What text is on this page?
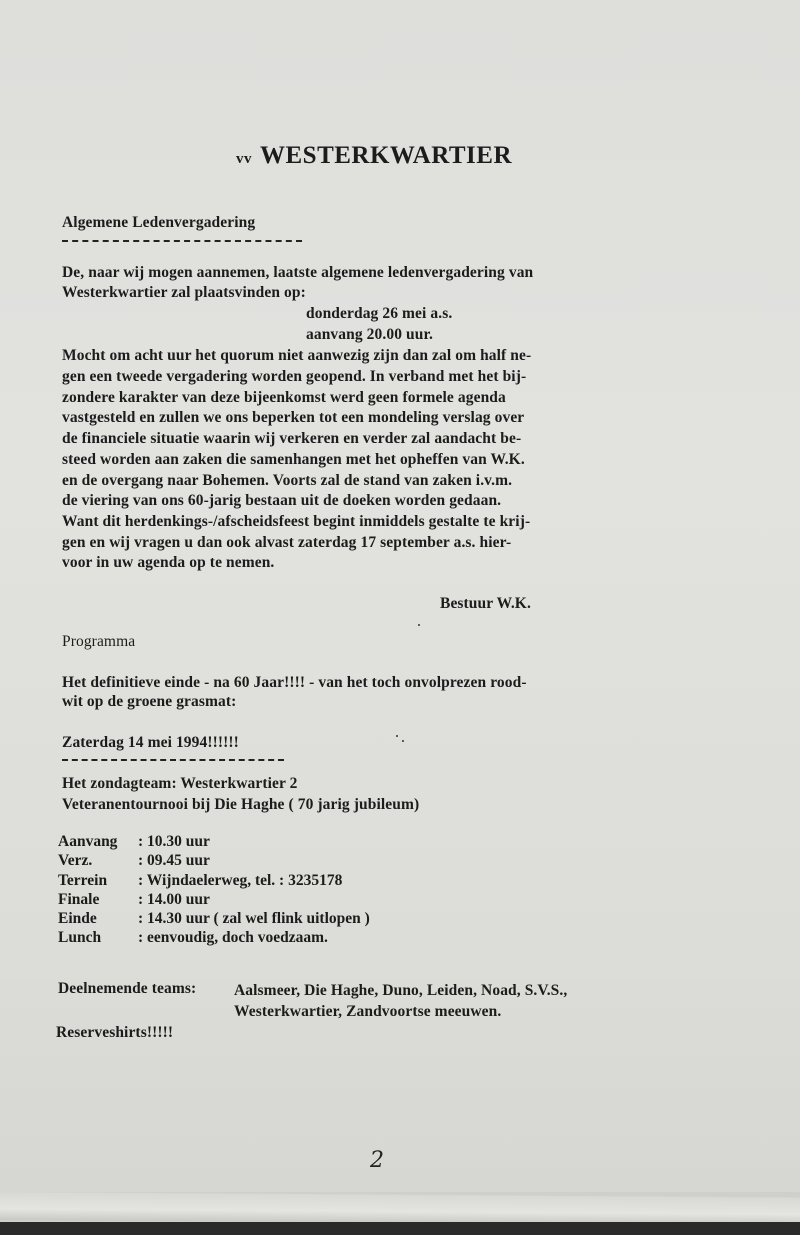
vv WESTERKWARTIER
Algemene Ledenvergadering
De, naar wij mogen aannemen, laatste algemene ledenvergadering van
Westerkwartier zal plaatsvinden op:
donderdag 26 mei a.s.
aanvang 20.00 uur.
Mocht om acht uur het quorum niet aanwezig zijn dan zal om half ne-
gen een tweede vergadering worden geopend. In verband met het bij-
zondere karakter van deze bijeenkomst werd geen formele agenda
vastgesteld en zullen we ons beperken tot een mondeling verslag over
de financiele situatie waarin wij verkeren en verder zal aandacht be-
steed worden aan zaken die samenhangen met het opheffen van W.K.
en de overgang naar Bohemen. Voorts zal de stand van zaken i.v.m.
de viering van ons 60-jarig bestaan uit de doeken worden gedaan.
Want dit herdenkings-/afscheidsfeest begint inmiddels gestalte te krij-
gen en wij vragen u dan ook alvast zaterdag 17 september a.s. hier-
voor in uw agenda op te nemen.
Bestuur W.K.
Programma
Het definitieve einde - na 60 Jaar!!!! - van het toch onvolprezen rood-
wit op de groene grasmat:
Zaterdag 14 mei 1994!!!!!!
Het zondagteam: Westerkwartier 2
Veteranentournooi bij Die Haghe ( 70 jarig jubileum)
Aanvang	: 10.30 uur
Verz.	: 09.45 uur
Terrein	: Wijndaelerweg, tel. : 3235178
Finale	: 14.00 uur
Einde	: 14.30 uur ( zal wel flink uitlopen )
Lunch	: eenvoudig, doch voedzaam.
Deelnemende teams: Aalsmeer, Die Haghe, Duno, Leiden, Noad, S.V.S.,
Westerkwartier, Zandvoortse meeuwen.
Reserveshirts!!!!!
2
